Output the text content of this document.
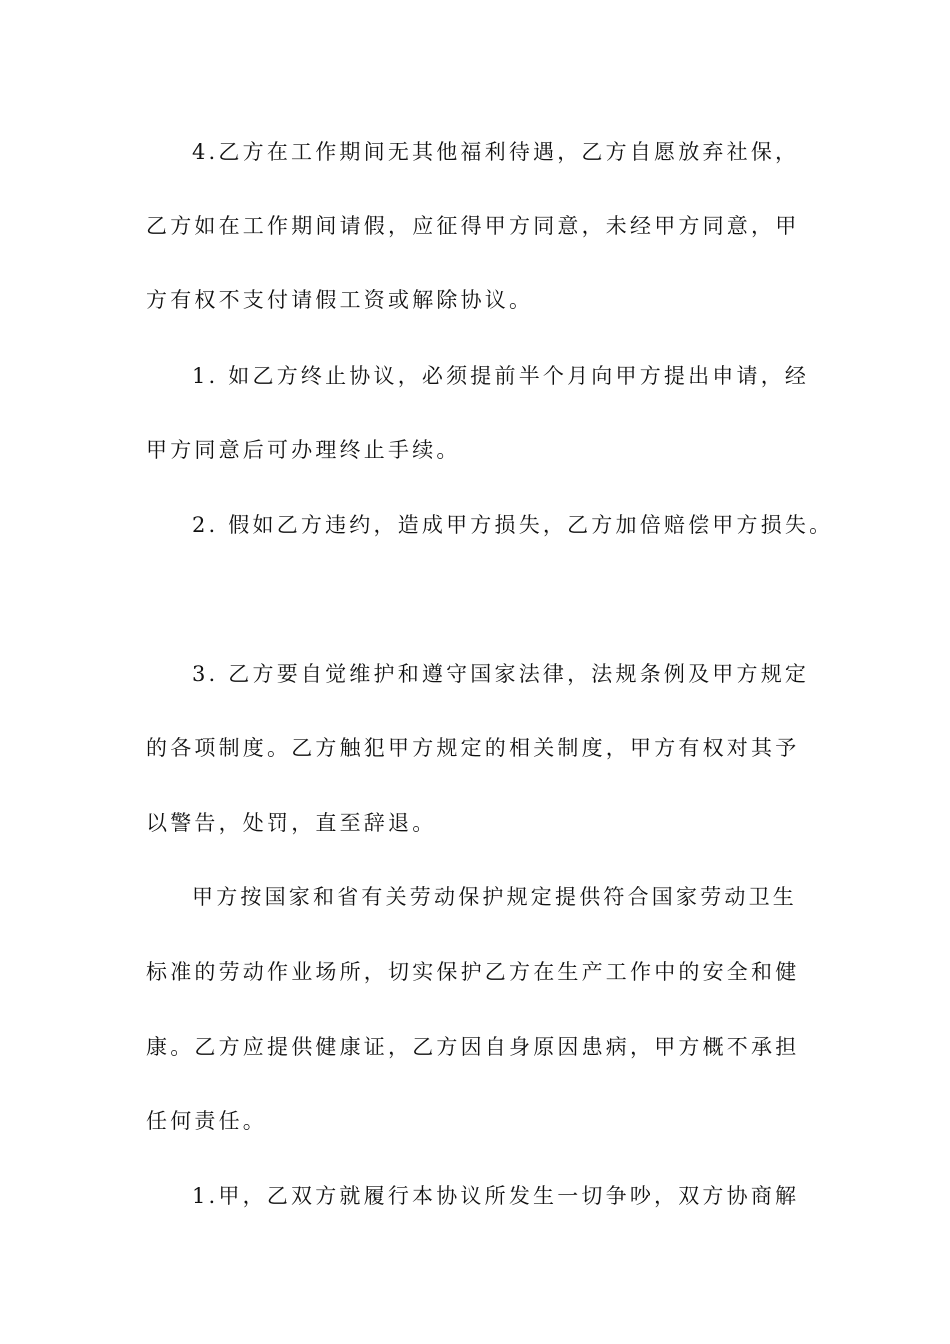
4.乙方在工作期间无其他福利待遇，乙方自愿放弃社保，
乙方如在工作期间请假，应征得甲方同意，未经甲方同意，甲
方有权不支付请假工资或解除协议。
1. 如乙方终止协议，必须提前半个月向甲方提出申请，经
甲方同意后可办理终止手续。
2. 假如乙方违约，造成甲方损失，乙方加倍赔偿甲方损失。
3. 乙方要自觉维护和遵守国家法律，法规条例及甲方规定
的各项制度。乙方触犯甲方规定的相关制度，甲方有权对其予
以警告，处罚，直至辞退。
甲方按国家和省有关劳动保护规定提供符合国家劳动卫生
标准的劳动作业场所，切实保护乙方在生产工作中的安全和健
康。乙方应提供健康证，乙方因自身原因患病，甲方概不承担
任何责任。
1.甲，乙双方就履行本协议所发生一切争吵，双方协商解
